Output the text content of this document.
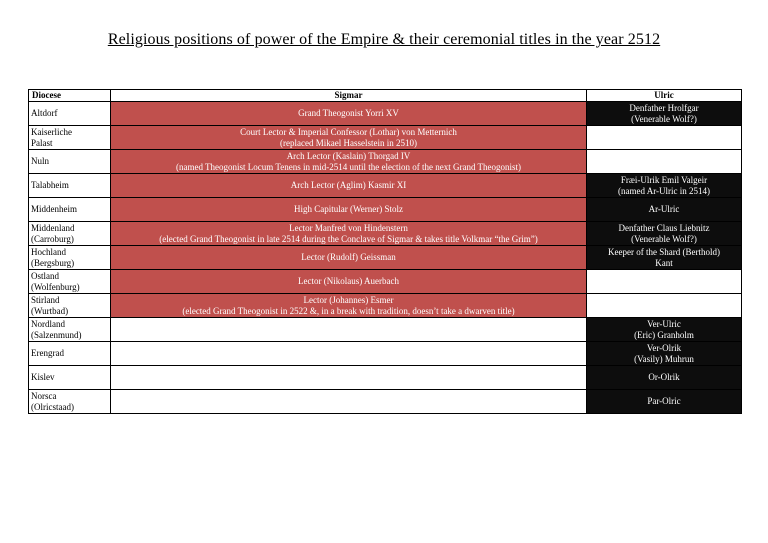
Religious positions of power of the Empire & their ceremonial titles in the year 2512
Diocese	Sigmar	Ulric

Altdorf	Grand Theogonist Yorri XV	Denfather Hrolfgar
(Venerable Wolf?)

Kaiserliche
Palast	Court Lector & Imperial Confessor (Lothar) von Metternich
(replaced Mikael Hasselstein in 2510)	

Nuln	Arch Lector (Kaslain) Thorgad IV
(named Theogonist Locum Tenens in mid-2514 until the election of the next Grand Theogonist)	

Talabheim	Arch Lector (Aglim) Kasmir XI	Fræi-Ulrik Emil Valgeir
(named Ar-Ulric in 2514)

Middenheim	High Capitular (Werner) Stolz	Ar-Ulric

Middenland
(Carroburg)	Lector Manfred von Hindenstern
(elected Grand Theogonist in late 2514 during the Conclave of Sigmar & takes title Volkmar “the Grim”)	Denfather Claus Liebnitz
(Venerable Wolf?)

Hochland
(Bergsburg)	Lector (Rudolf) Geissman	Keeper of the Shard (Berthold)
Kant

Ostland
(Wolfenburg)	Lector (Nikolaus) Auerbach	

Stirland
(Wurtbad)	Lector (Johannes) Esmer
(elected Grand Theogonist in 2522 &, in a break with tradition, doesn’t take a dwarven title)	

Nordland
(Salzenmund)		Ver-Ulric
(Eric) Granholm

Erengrad		Ver-Olrik
(Vasily) Muhrun

Kislev		Or-Olrik

Norsca
(Olricstaad)		Par-Olric
